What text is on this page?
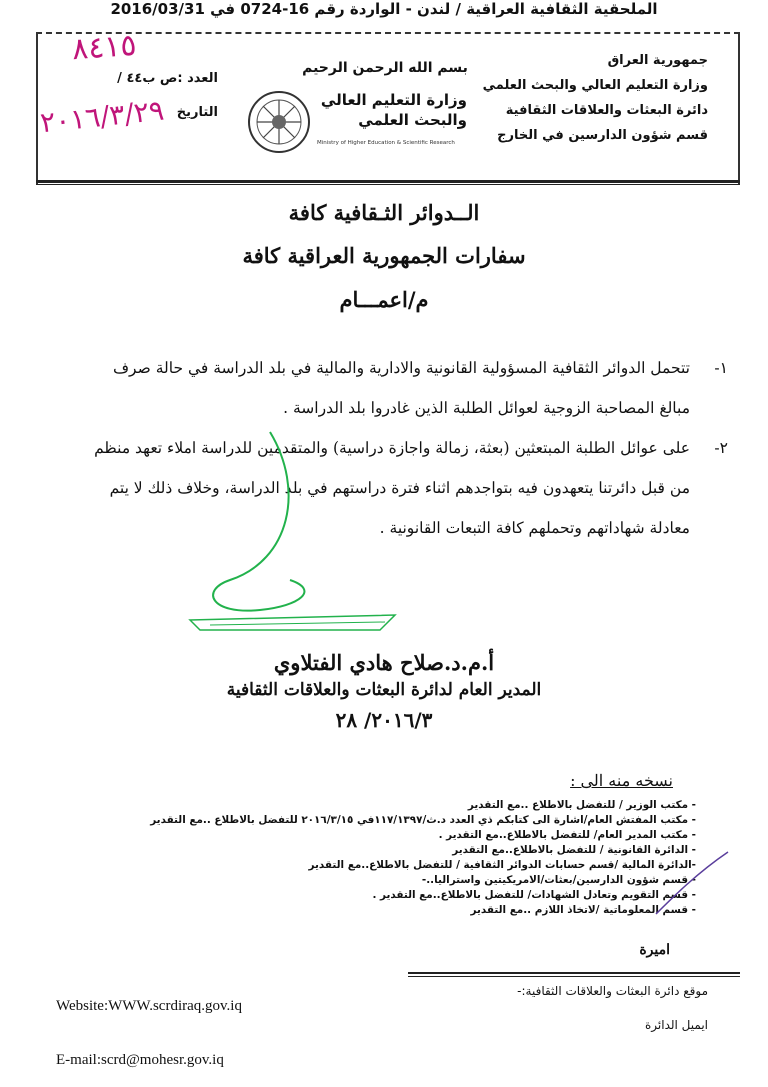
الملحقية الثقافية العراقية / لندن - الواردة رقم 16-0724 في 2016/03/31
جمهورية العراق
وزارة التعليم العالي والبحث العلمي
دائرة البعثات والعلاقات الثقافية
قسم شؤون الدارسين في الخارج
بسم الله الرحمن الرحيم
وزارة التعليم العالي
والبحث العلمي
Ministry of Higher Education & Scientific Research
العدد :ص ب٤٤ /
التاريخ
٨٤١٥
٢٠١٦/٣/٢٩
الــدوائر الثـقافية كافة
سفارات الجمهورية العراقية كافة
م/اعمـــام
١-
تتحمل الدوائر الثقافية المسؤولية القانونية والادارية والمالية في بلد الدراسة في حالة صرف مبالغ المصاحبة الزوجية لعوائل الطلبة الذين غادروا بلد الدراسة .
٢-
على عوائل الطلبة المبتعثين (بعثة، زمالة واجازة دراسية) والمتقدمين للدراسة املاء تعهد منظم من قبل دائرتنا يتعهدون فيه بتواجدهم اثناء فترة دراستهم في بلد الدراسة، وخلاف ذلك لا يتم معادلة شهاداتهم وتحملهم كافة التبعات القانونية .
أ.م.د.صلاح هادي الفتلاوي
المدير العام لدائرة البعثات والعلاقات الثقافية
٢٠١٦/٣/ ٢٨
نسخه منه الى :
- مكتب الوزير / للتفضل بالاطلاع ..مع التقدير
- مكتب المفتش العام/اشارة الى كتابكم ذي العدد د.ث/١١٧/١٣٩٧في ٢٠١٦/٣/١٥ للتفضل بالاطلاع ..مع التقدير
- مكتب المدير العام/ للتفضل بالاطلاع..مع التقدير .
- الدائرة القانونية / للتفضل بالاطلاع..مع التقدير
-الدائرة المالية /قسم حسابات الدوائر الثقافية / للتفضل بالاطلاع..مع التقدير
- قسم شؤون الدارسين/بعثات/الامريكيتين واستراليا..-
- قسم التقويم وتعادل الشهادات/ للتفضل بالاطلاع..مع التقدير .
- قسم المعلوماتية /لاتخاذ اللازم ..مع التقدير
اميرة
موقع دائرة البعثات والعلاقات الثقافية:-
ايميل الدائرة
Website:WWW.scrdiraq.gov.iq
E-mail:scrd@mohesr.gov.iq
